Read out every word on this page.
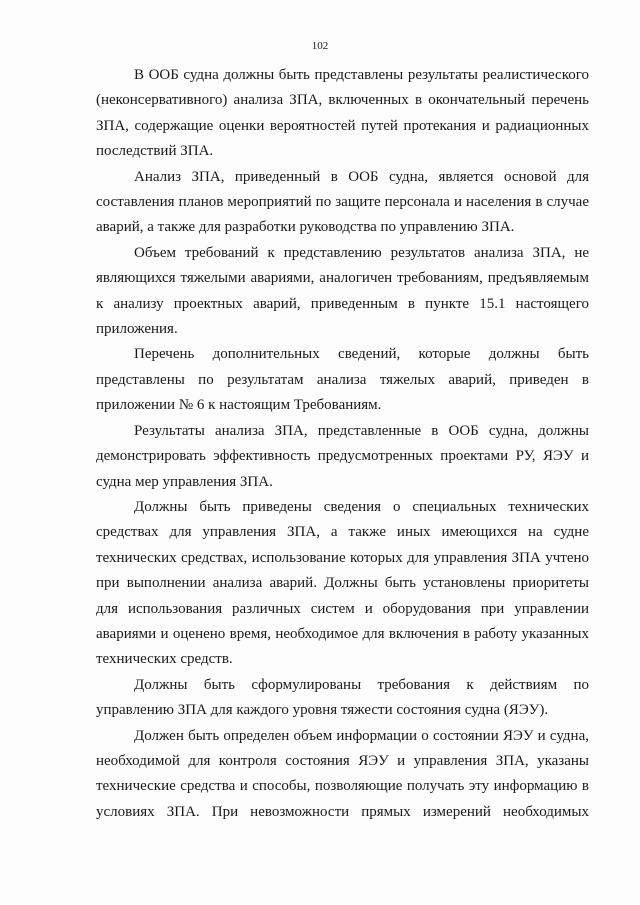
102

В ООБ судна должны быть представлены результаты реалистического (неконсервативного) анализа ЗПА, включенных в окончательный перечень ЗПА, содержащие оценки вероятностей путей протекания и радиационных последствий ЗПА.

Анализ ЗПА, приведенный в ООБ судна, является основой для составления планов мероприятий по защите персонала и населения в случае аварий, а также для разработки руководства по управлению ЗПА.

Объем требований к представлению результатов анализа ЗПА, не являющихся тяжелыми авариями, аналогичен требованиям, предъявляемым к анализу проектных аварий, приведенным в пункте 15.1 настоящего приложения.

Перечень дополнительных сведений, которые должны быть представлены по результатам анализа тяжелых аварий, приведен в приложении № 6 к настоящим Требованиям.

Результаты анализа ЗПА, представленные в ООБ судна, должны демонстрировать эффективность предусмотренных проектами РУ, ЯЭУ и судна мер управления ЗПА.

Должны быть приведены сведения о специальных технических средствах для управления ЗПА, а также иных имеющихся на судне технических средствах, использование которых для управления ЗПА учтено при выполнении анализа аварий. Должны быть установлены приоритеты для использования различных систем и оборудования при управлении авариями и оценено время, необходимое для включения в работу указанных технических средств.

Должны быть сформулированы требования к действиям по управлению ЗПА для каждого уровня тяжести состояния судна (ЯЭУ).

Должен быть определен объем информации о состоянии ЯЭУ и судна, необходимой для контроля состояния ЯЭУ и управления ЗПА, указаны технические средства и способы, позволяющие получать эту информацию в условиях ЗПА. При невозможности прямых измерений необходимых
